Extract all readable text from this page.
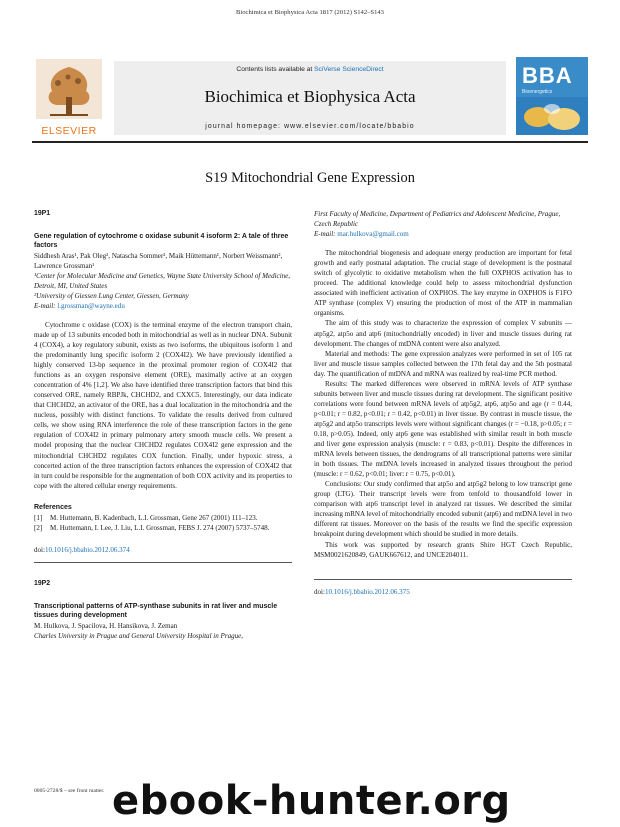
Biochimica et Biophysica Acta 1817 (2012) S142–S143
ELSEVIER
Contents lists available at SciVerse ScienceDirect
Biochimica et Biophysica Acta
journal homepage: www.elsevier.com/locate/bbabio
BBA
Bioenergetics
S19 Mitochondrial Gene Expression

19P1

Gene regulation of cytochrome c oxidase subunit 4 isoform 2: A tale of three factors

Siddhesh Aras¹, Pak Oleg², Natascha Sommer², Maik Hüttemann¹, Norbert Weissmann², Lawrence Grossman¹

¹Center for Molecular Medicine and Genetics, Wayne State University School of Medicine, Detroit, MI, United States

²University of Giessen Lung Center, Giessen, Germany

E-mail: l.grossman@wayne.edu

Cytochrome c oxidase (COX) is the terminal enzyme of the electron transport chain, made up of 13 subunits encoded both in mitochondrial as well as in nuclear DNA. Subunit 4 (COX4), a key regulatory subunit, exists as two isoforms, the ubiquitous isoform 1 and the predominantly lung specific isoform 2 (COX4I2). We have previously identified a highly conserved 13-bp sequence in the proximal promoter region of COX4I2 that functions as an oxygen responsive element (ORE), maximally active at an oxygen concentration of 4% [1,2]. We also have identified three transcription factors that bind this conserved ORE, namely RBPJk, CHCHD2, and CXXC5. Interestingly, our data indicate that CHCHD2, an activator of the ORE, has a dual localization in the mitochondria and the nucleus, possibly with distinct functions. To validate the results derived from cultured cells, we show using RNA interference the role of these transcription factors in the gene regulation of COX4I2 in primary pulmonary artery smooth muscle cells. We present a model proposing that the nuclear CHCHD2 regulates COX4I2 gene expression and the mitochondrial CHCHD2 regulates COX function. Finally, under hypoxic stress, a concerted action of the three transcription factors enhances the expression of COX4I2 that in turn could be responsible for the augmentation of both COX activity and its properties to cope with the altered cellular energy requirements.

References

[1]	M. Huttemann, B. Kadenbach, L.I. Grossman, Gene 267 (2001) 111–123.
[2]	M. Huttemann, I. Lee, J. Liu, L.I. Grossman, FEBS J. 274 (2007) 5737–5748.

doi:10.1016/j.bbabio.2012.06.374

19P2

Transcriptional patterns of ATP-synthase subunits in rat liver and muscle tissues during development

M. Hulkova, J. Spacilova, H. Hansikova, J. Zeman

Charles University in Prague and General University Hospital in Prague,

First Faculty of Medicine, Department of Pediatrics and Adolescent Medicine, Prague, Czech Republic

E-mail: mar.hulkova@gmail.com

The mitochondrial biogenesis and adequate energy production are important for fetal growth and early postnatal adaptation. The crucial stage of development is the postnatal switch of glycolytic to oxidative metabolism when the full OXPHOS activation has to proceed. The additional knowledge could help to assess mitochondrial dysfunction associated with inefficient activation of OXPHOS. The key enzyme in OXPHOS is F1FO ATP synthase (complex V) ensuring the production of most of the ATP in mammalian organisms.

The aim of this study was to characterize the expression of complex V subunits — atp5g2, atp5o and atp6 (mitochondrially encoded) in liver and muscle tissues during rat development. The changes of mtDNA content were also analyzed.

Material and methods: The gene expression analyzes were performed in set of 105 rat liver and muscle tissue samples collected between the 17th fetal day and the 5th postnatal day. The quantification of mtDNA and mRNA was realized by real-time PCR method.

Results: The marked differences were observed in mRNA levels of ATP synthase subunits between liver and muscle tissues during rat development. The significant positive correlations were found between mRNA levels of atp5g2, atp6, atp5o and age (r = 0.44, p<0.01; r = 0.82, p<0.01; r = 0.42, p<0.01) in liver tissue. By contrast in muscle tissue, the atp5g2 and atp5o transcripts levels were without significant changes (r = −0.18, p>0.05; r = 0.18, p>0.05). Indeed, only atp6 gene was established with similar result in both muscle and liver gene expression analysis (muscle: r = 0.83, p<0.01). Despite the differences in mRNA levels between tissues, the dendrograms of all transcriptional patterns were similar in both tissues. The mtDNA levels increased in analyzed tissues throughout the period (muscle: r = 0.62, p<0.01; liver: r = 0.75, p<0.01).

Conclusions: Our study confirmed that atp5o and atp5g2 belong to low transcript gene group (LTG). Their transcript levels were from tenfold to thousandfold lower in comparison with atp6 transcript level in analyzed rat tissues. We described the similar increasing mRNA level of mitochondrially encoded subunit (atp6) and mtDNA level in two different rat tissues. Moreover on the basis of the results we find the specific expression breakpoint during development which should be studied in more details.

This work was supported by research grants Shire HGT Czech Republic, MSM0021620849, GAUK667612, and UNCE204011.

doi:10.1016/j.bbabio.2012.06.375

0005-2728/$ – see front matter. ebook-hunter.org
